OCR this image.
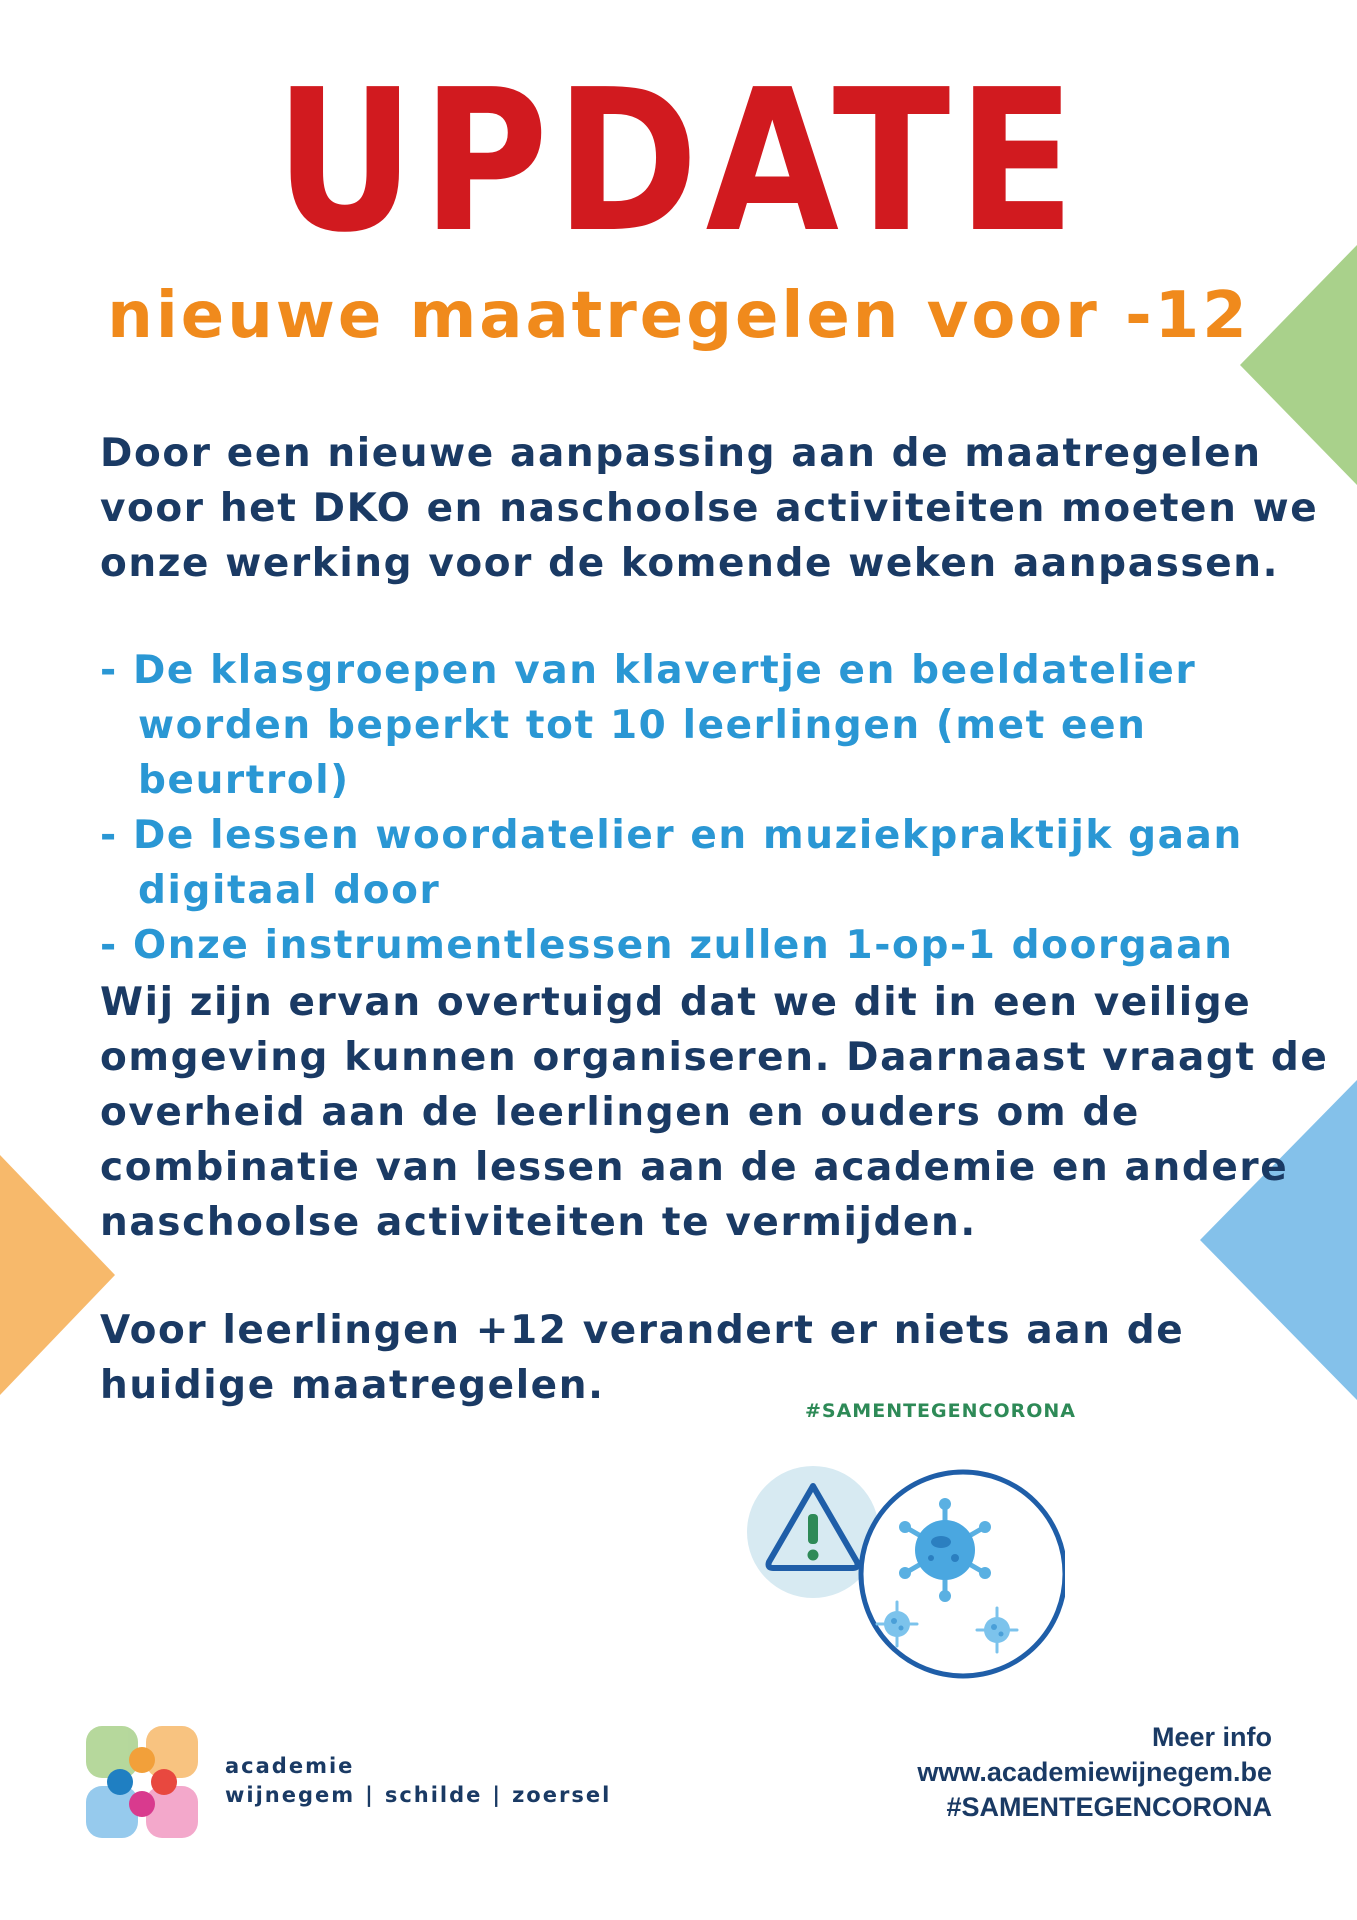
UPDATE
nieuwe maatregelen voor -12

Door een nieuwe aanpassing aan de maatregelen voor het DKO en naschoolse activiteiten moeten we onze werking voor de komende weken aanpassen.

- De klasgroepen van klavertje en beeldatelier worden beperkt tot 10 leerlingen (met een beurtrol)
- De lessen woordatelier en muziekpraktijk gaan digitaal door
- Onze instrumentlessen zullen 1-op-1 doorgaan

Wij zijn ervan overtuigd dat we dit in een veilige omgeving kunnen organiseren. Daarnaast vraagt de overheid aan de leerlingen en ouders om de combinatie van lessen aan de academie en andere naschoolse activiteiten te vermijden.

Voor leerlingen +12 verandert er niets aan de huidige maatregelen.

#SAMENTEGENCORONA
academie
wijnegem | schilde | zoersel
Meer info
www.academiewijnegem.be
#SAMENTEGENCORONA
